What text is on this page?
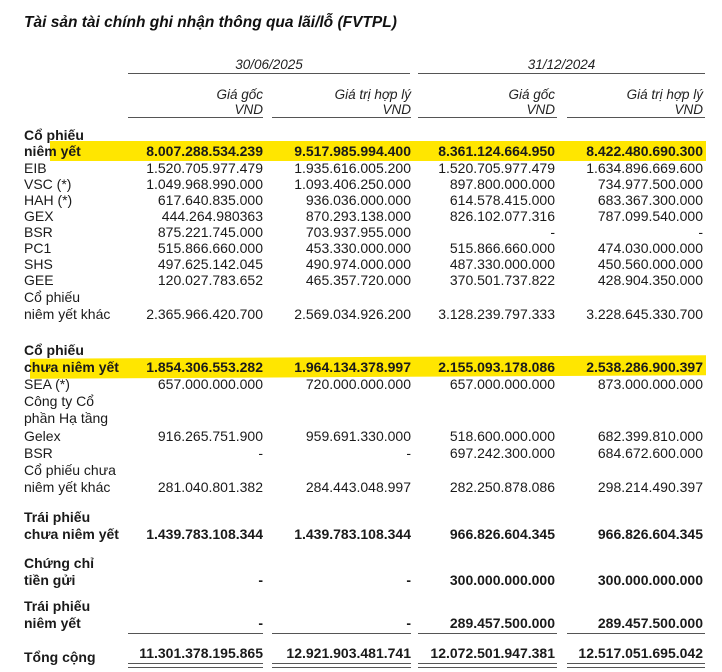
Tài sản tài chính ghi nhận thông qua lãi/lỗ (FVTPL)
30/06/2025	31/12/2024
Giá gốc
VND
Giá trị hợp lý
VND
Giá gốc
VND
Giá trị hợp lý
VND
Cổ phiếu
niêm yết	8.007.288.534.239 9.517.985.994.400 8.361.124.664.950 8.422.480.690.300
EIB	1.520.705.977.479 1.935.616.005.200 1.520.705.977.479 1.634.896.669.600
VSC (*)	1.049.968.990.000 1.093.406.250.000	897.800.000.000	734.977.500.000
HAH (*)	617.640.835.000	936.036.000.000	614.578.415.000	683.367.300.000
GEX	444.264.980363	870.293.138.000	826.102.077.316	787.099.540.000
BSR	875.221.745.000	703.937.955.000	-	-
PC1	515.866.660.000	453.330.000.000	515.866.660.000	474.030.000.000
SHS	497.625.142.045	490.974.000.000	487.330.000.000	450.560.000.000
GEE	120.027.783.652	465.357.720.000	370.501.737.822	428.904.350.000
Cổ phiếu
niêm yết khác	2.365.966.420.700 2.569.034.926.200 3.128.239.797.333 3.228.645.330.700
Cổ phiếu
chưa niêm yết 1.854.306.553.282 1.964.134.378.997 2.155.093.178.086 2.538.286.900.397
SEA (*)	657.000.000.000	720.000.000.000	657.000.000.000	873.000.000.000
Công ty Cổ
phần Hạ tầng
Gelex	916.265.751.900	959.691.330.000	518.600.000.000	682.399.810.000
BSR	-	-	697.242.300.000	684.672.600.000
Cổ phiếu chưa
niêm yết khác	281.040.801.382	284.443.048.997	282.250.878.086	298.214.490.397
Trái phiếu
chưa niêm yết 1.439.783.108.344 1.439.783.108.344	966.826.604.345	966.826.604.345
Chứng chỉ
tiền gửi	-	-	300.000.000.000	300.000.000.000
Trái phiếu
niêm yết	-	-	289.457.500.000	289.457.500.000
Tổng cộng	11.301.378.195.865 12.921.903.481.741 12.072.501.947.381 12.517.051.695.042
